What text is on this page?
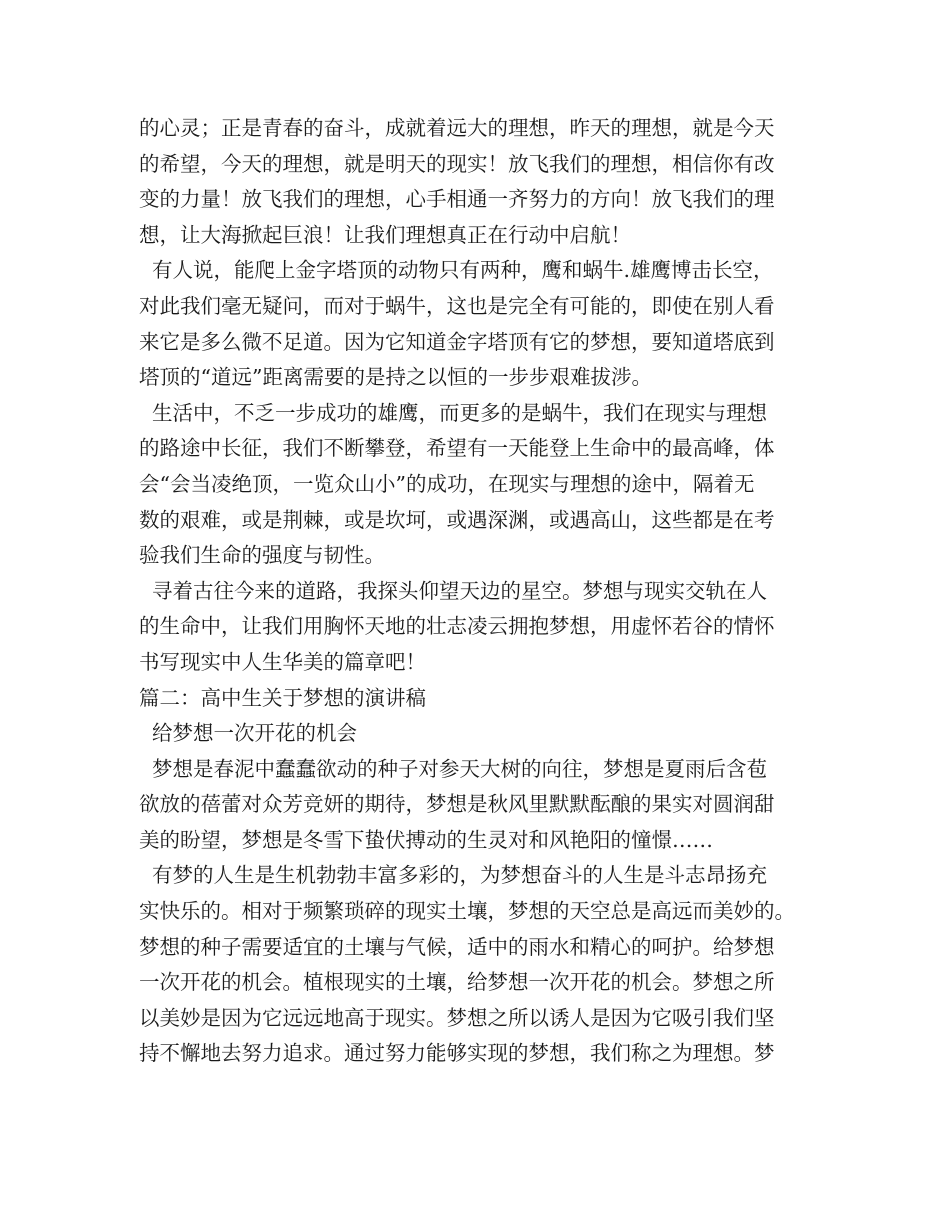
的心灵；正是青春的奋斗，成就着远大的理想，昨天的理想，就是今天
的希望，今天的理想，就是明天的现实！放飞我们的理想，相信你有改
变的力量！放飞我们的理想，心手相通一齐努力的方向！放飞我们的理
想，让大海掀起巨浪！让我们理想真正在行动中启航！
有人说，能爬上金字塔顶的动物只有两种，鹰和蜗牛.雄鹰博击长空，
对此我们毫无疑问，而对于蜗牛，这也是完全有可能的，即使在别人看
来它是多么微不足道。因为它知道金字塔顶有它的梦想，要知道塔底到
塔顶的“道远”距离需要的是持之以恒的一步步艰难拔涉。
生活中，不乏一步成功的雄鹰，而更多的是蜗牛，我们在现实与理想
的路途中长征，我们不断攀登，希望有一天能登上生命中的最高峰，体
会“会当凌绝顶，一览众山小”的成功，在现实与理想的途中，隔着无
数的艰难，或是荆棘，或是坎坷，或遇深渊，或遇高山，这些都是在考
验我们生命的强度与韧性。
寻着古往今来的道路，我探头仰望天边的星空。梦想与现实交轨在人
的生命中，让我们用胸怀天地的壮志凌云拥抱梦想，用虚怀若谷的情怀
书写现实中人生华美的篇章吧！
篇二：高中生关于梦想的演讲稿
给梦想一次开花的机会
梦想是春泥中蠢蠢欲动的种子对参天大树的向往，梦想是夏雨后含苞
欲放的蓓蕾对众芳竞妍的期待，梦想是秋风里默默酝酿的果实对圆润甜
美的盼望，梦想是冬雪下蛰伏搏动的生灵对和风艳阳的憧憬……
有梦的人生是生机勃勃丰富多彩的，为梦想奋斗的人生是斗志昂扬充
实快乐的。相对于频繁琐碎的现实土壤，梦想的天空总是高远而美妙的。
梦想的种子需要适宜的土壤与气候，适中的雨水和精心的呵护。给梦想
一次开花的机会。植根现实的土壤，给梦想一次开花的机会。梦想之所
以美妙是因为它远远地高于现实。梦想之所以诱人是因为它吸引我们坚
持不懈地去努力追求。通过努力能够实现的梦想，我们称之为理想。梦
